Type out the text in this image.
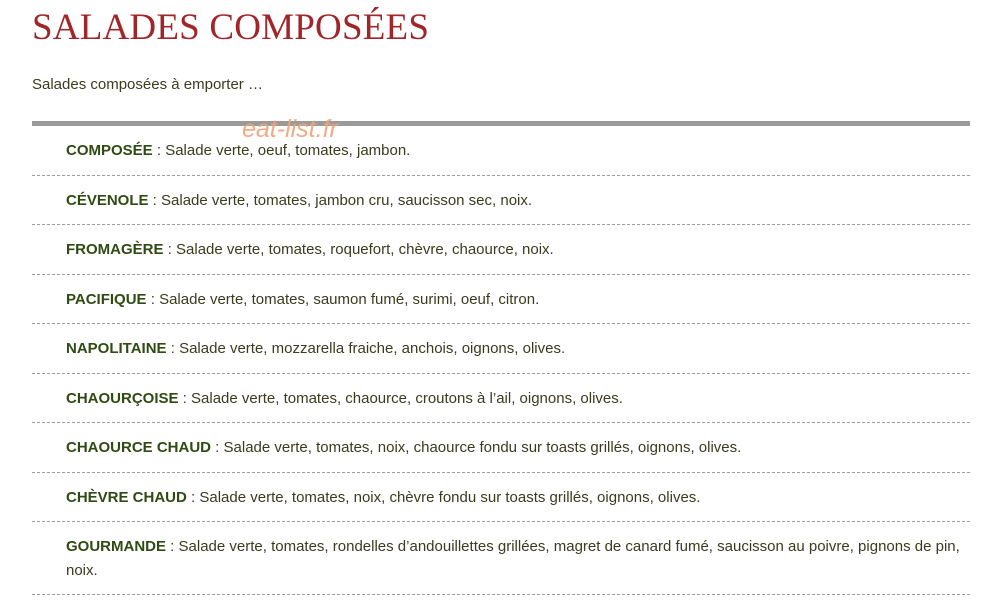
SALADES COMPOSÉES

Salades composées à emporter …

COMPOSÉE : Salade verte, oeuf, tomates, jambon.
CÉVENOLE : Salade verte, tomates, jambon cru, saucisson sec, noix.
FROMAGÈRE : Salade verte, tomates, roquefort, chèvre, chaource, noix.
PACIFIQUE : Salade verte, tomates, saumon fumé, surimi, oeuf, citron.
NAPOLITAINE : Salade verte, mozzarella fraiche, anchois, oignons, olives.
CHAOURÇOISE : Salade verte, tomates, chaource, croutons à l’ail, oignons, olives.
CHAOURCE CHAUD : Salade verte, tomates, noix, chaource fondu sur toasts grillés, oignons, olives.
CHÈVRE CHAUD : Salade verte, tomates, noix, chèvre fondu sur toasts grillés, oignons, olives.
GOURMANDE : Salade verte, tomates, rondelles d’andouillettes grillées, magret de canard fumé, saucisson au poivre, pignons de pin, noix.
eat-list.fr
